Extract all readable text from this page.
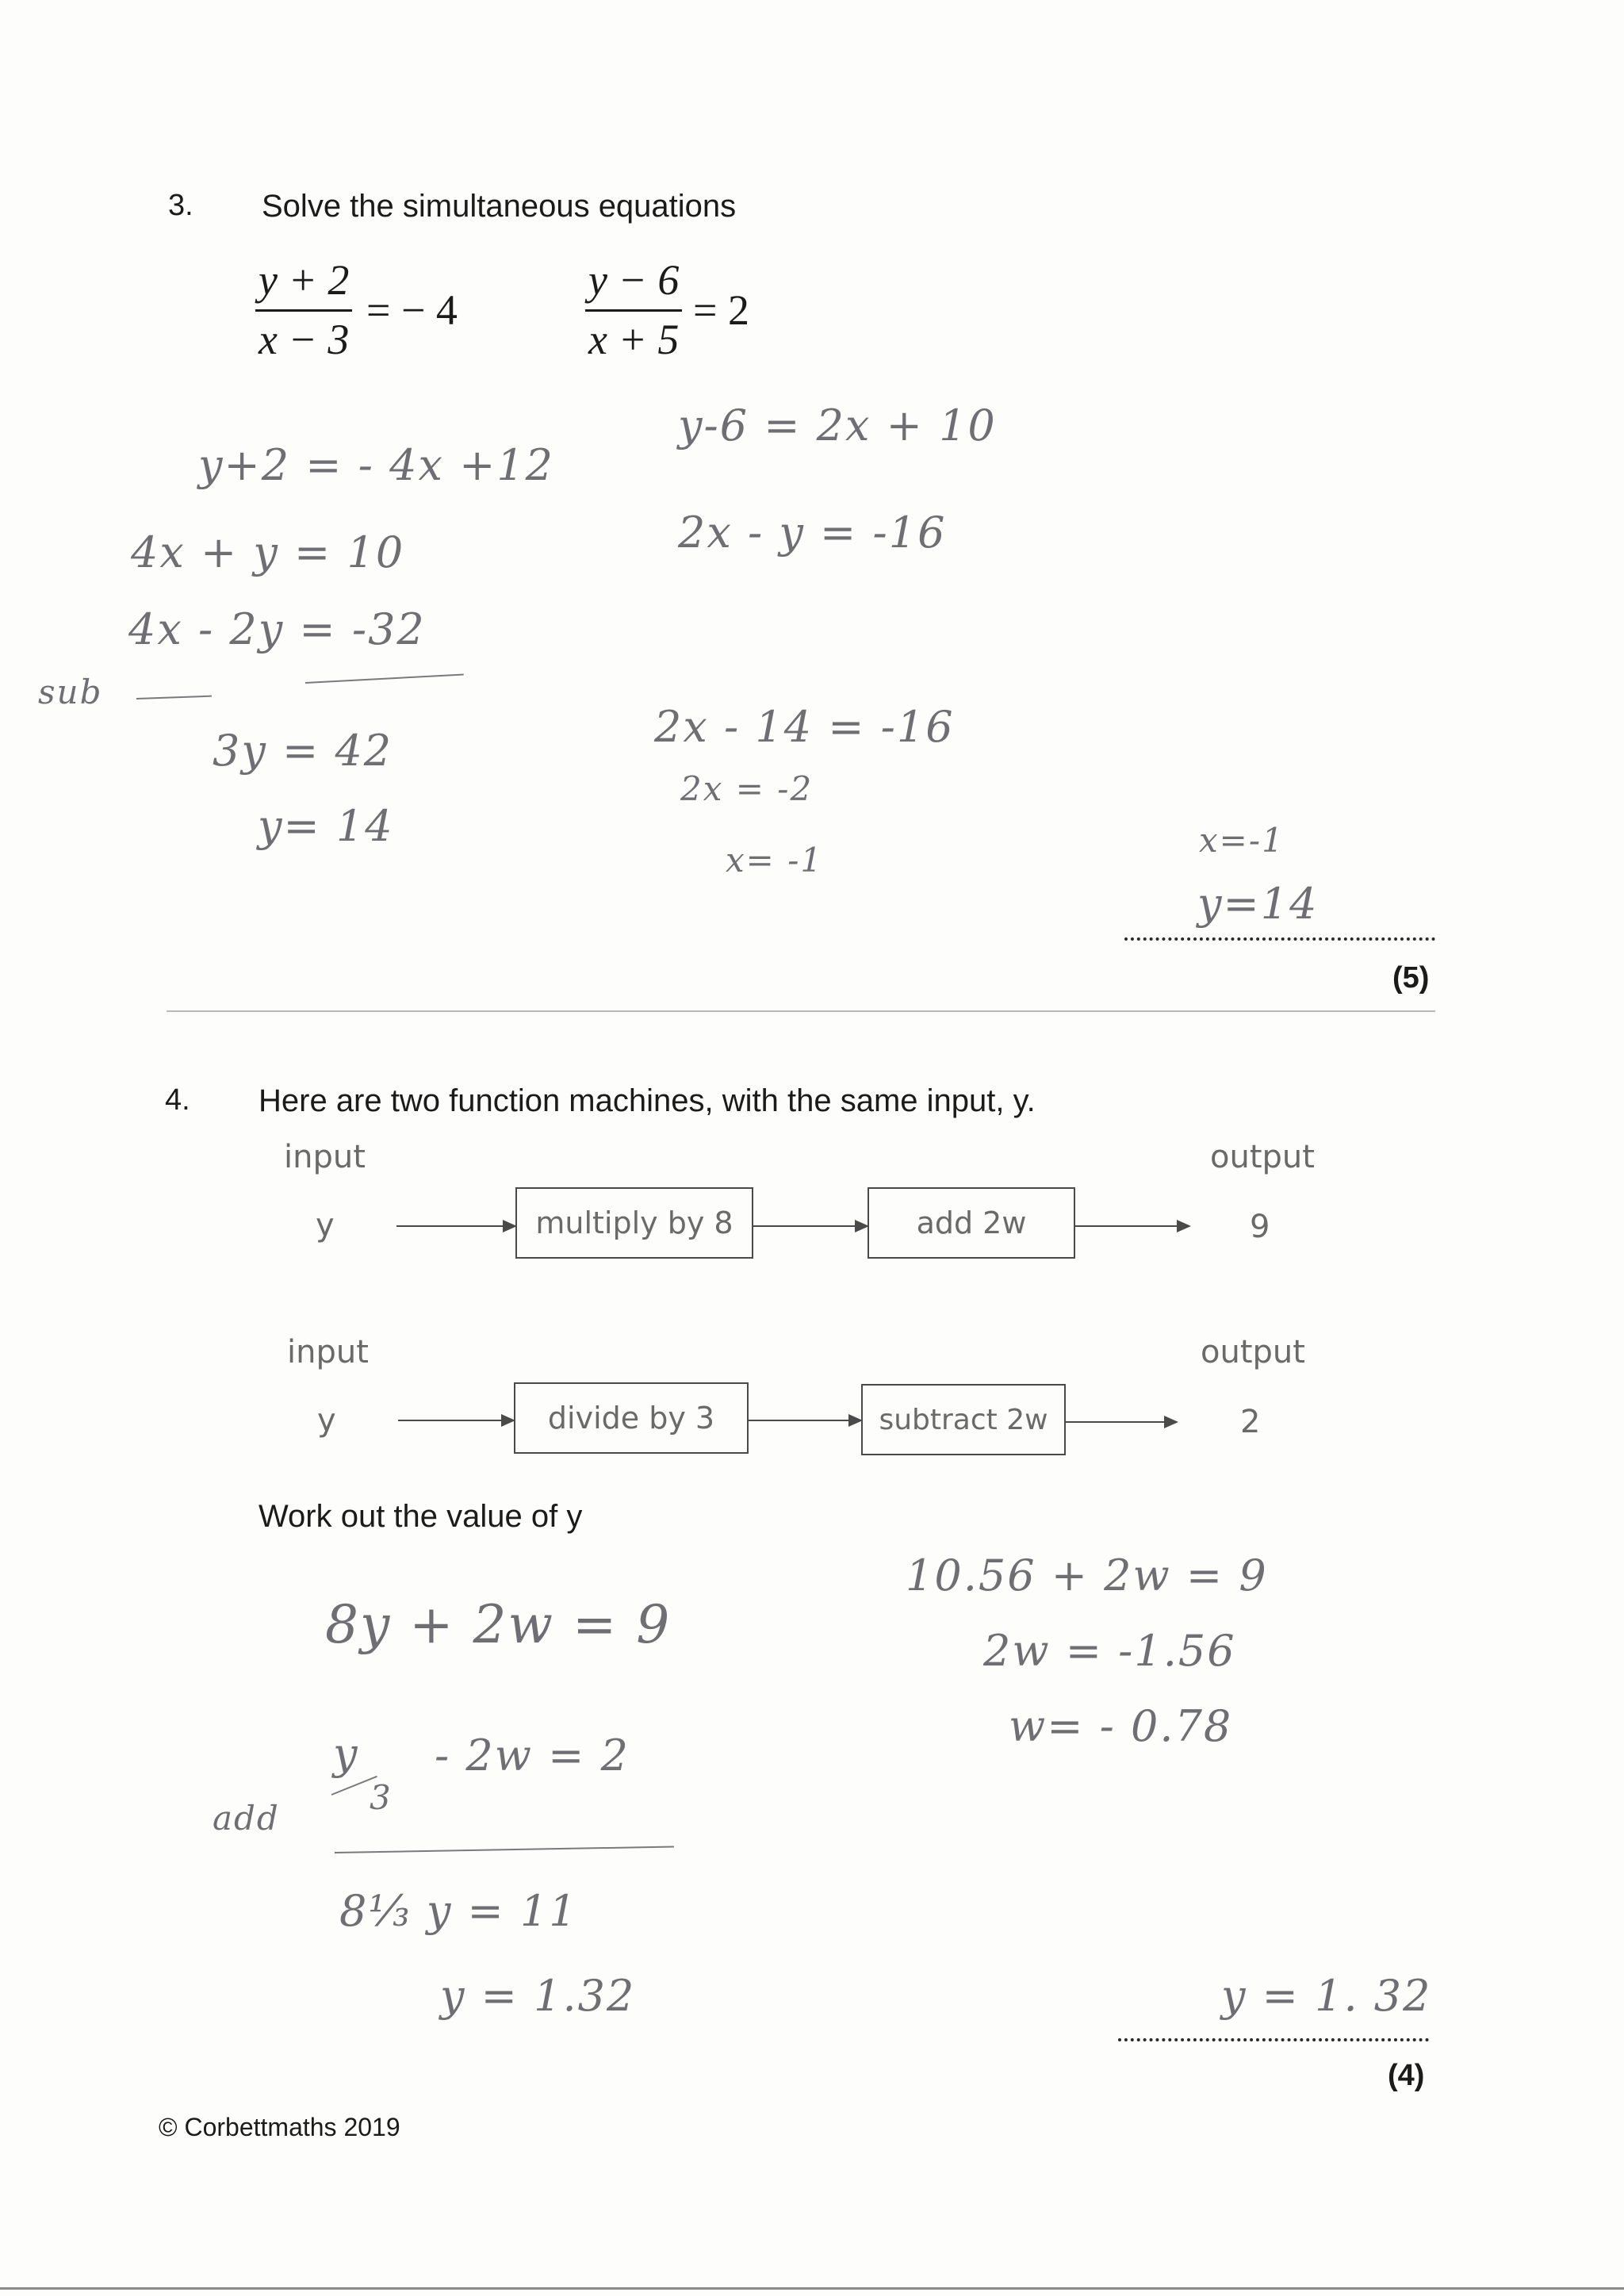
3. Solve the simultaneous equations
y + 2
x − 3
= − 4
y − 6
x + 5
= 2
y+2 = - 4x +12
4x + y = 10
4x - 2y = -32
sub
3y = 42
y= 14
y-6 = 2x + 10
2x - y = -16
2x - 14 = -16
2x = -2
x= -1
x=-1
y=14
(5)
4. Here are two function machines, with the same input, y.
input	output
y	multiply by 8	add 2w	9
input	output
y	divide by 3	subtract 2w	2
Work out the value of y
8y + 2w = 9
y
3
- 2w = 2
add
8⅓ y = 11
y = 1.32
10.56 + 2w = 9
2w = -1.56
w= - 0.78
y = 1. 32
(4)
© Corbettmaths 2019
